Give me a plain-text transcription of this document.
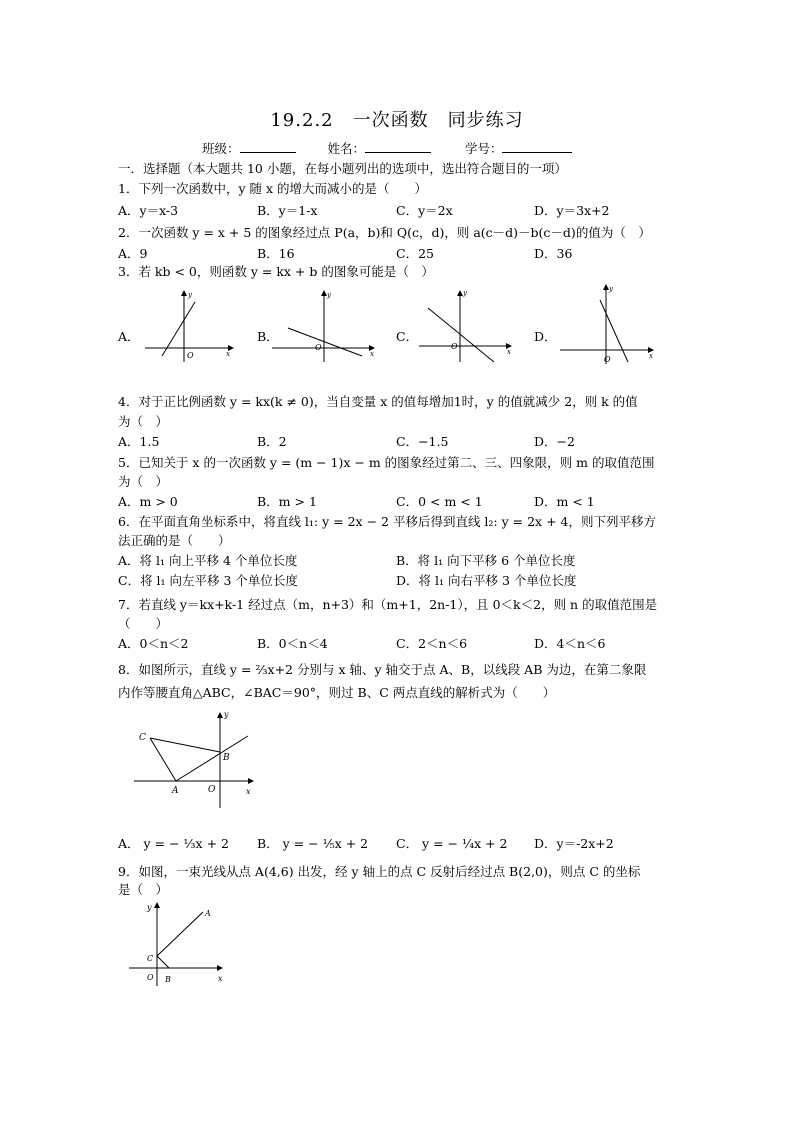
19.2.2　一次函数　同步练习
班级：	姓名：	学号：
一．选择题（本大题共 10 小题，在每小题列出的选项中，选出符合题目的一项）
1．下列一次函数中，y 随 x 的增大而减小的是（　　）
A．y＝x-3	B．y＝1-x	C．y＝2x	D．y＝3x+2
2．一次函数 y = x + 5 的图象经过点 P(a，b)和 Q(c，d)，则 a(c－d)－b(c－d)的值为（　）
A．9	B．16	C．25	D．36
3．若 kb < 0，则函数 y = kx + b 的图象可能是（　）
A．	B．	C．	D．
y
x
O
y
x
O
y
x
O
y
x
O
4．对于正比例函数 y = kx(k ≠ 0)，当自变量 x 的值每增加1时，y 的值就减少 2，则 k 的值
为（　）
A．1.5	B．2	C．−1.5	D．−2
5．已知关于 x 的一次函数 y = (m − 1)x − m 的图象经过第二、三、四象限，则 m 的取值范围
为（　）
A．m > 0	B．m > 1	C．0 < m < 1	D．m < 1
6．在平面直角坐标系中，将直线 l₁: y = 2x − 2 平移后得到直线 l₂: y = 2x + 4，则下列平移方
法正确的是（　　）
A．将 l₁ 向上平移 4 个单位长度	B．将 l₁ 向下平移 6 个单位长度
C．将 l₁ 向左平移 3 个单位长度	D．将 l₁ 向右平移 3 个单位长度
7．若直线 y＝kx+k-1 经过点（m，n+3）和（m+1，2n-1），且 0＜k＜2，则 n 的取值范围是
（　　）
A．0＜n＜2	B．0＜n＜4	C．2＜n＜6	D．4＜n＜6
8．如图所示，直线 y = ⅔x+2 分别与 x 轴、y 轴交于点 A、B，以线段 AB 为边，在第二象限
内作等腰直角△ABC，∠BAC＝90°，则过 B、C 两点直线的解析式为（　　）
y
x
O
A
B
C
A． y = − ⅓x + 2 B． y = − ⅕x + 2 C． y = − ¼x + 2 D．y＝-2x+2
9．如图，一束光线从点 A(4,6) 出发，经 y 轴上的点 C 反射后经过点 B(2,0)，则点 C 的坐标
是（　）
y
x
O B
C
A
